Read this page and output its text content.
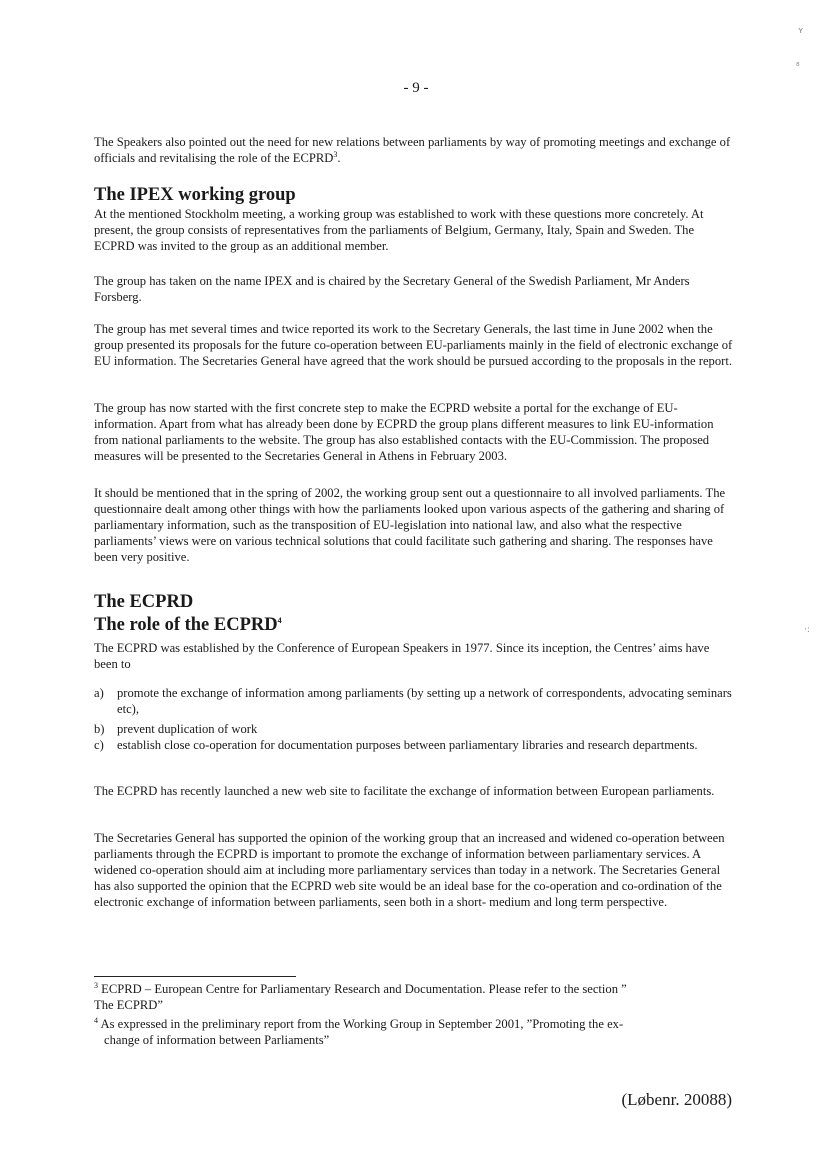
- 9 -
ʏ
⁸
·:
The Speakers also pointed out the need for new relations between parliaments by way of promoting meetings and exchange of officials and revitalising the role of the ECPRD$^3$.
The IPEX working group
At the mentioned Stockholm meeting, a working group was established to work with these questions more concretely. At present, the group consists of representatives from the parliaments of Belgium, Germany, Italy, Spain and Sweden. The ECPRD was invited to the group as an additional member.
The group has taken on the name IPEX and is chaired by the Secretary General of the Swedish Parliament, Mr Anders Forsberg.
The group has met several times and twice reported its work to the Secretary Generals, the last time in June 2002 when the group presented its proposals for the future co-operation between EU-parliaments mainly in the field of electronic exchange of EU information. The Secretaries General have agreed that the work should be pursued according to the proposals in the report.
The group has now started with the first concrete step to make the ECPRD website a portal for the exchange of EU-information. Apart from what has already been done by ECPRD the group plans different measures to link EU-information from national parliaments to the website. The group has also established contacts with the EU-Commission. The proposed measures will be presented to the Secretaries General in Athens in February 2003.
It should be mentioned that in the spring of 2002, the working group sent out a questionnaire to all involved parliaments. The questionnaire dealt among other things with how the parliaments looked upon various aspects of the gathering and sharing of parliamentary information, such as the transposition of EU-legislation into national law, and also what the respective parliaments’ views were on various technical solutions that could facilitate such gathering and sharing. The responses have been very positive.
The ECPRD
The role of the ECPRD$^4$
The ECPRD was established by the Conference of European Speakers in 1977. Since its inception, the Centres’ aims have been to
a) promote the exchange of information among parliaments (by setting up a network of correspondents, advocating seminars etc),
b) prevent duplication of work
c) establish close co-operation for documentation purposes between parliamentary libraries and research departments.
The ECPRD has recently launched a new web site to facilitate the exchange of information between European parliaments.
The Secretaries General has supported the opinion of the working group that an increased and widened co-operation between parliaments through the ECPRD is important to promote the exchange of information between parliamentary services. A widened co-operation should aim at including more parliamentary services than today in a network. The Secretaries General has also supported the opinion that the ECPRD web site would be an ideal base for the co-operation and co-ordination of the electronic exchange of information between parliaments, seen both in a short- medium and long term perspective.
$^3$ ECPRD – European Centre for Parliamentary Research and Documentation. Please refer to the section ”
The ECPRD”
$^4$ As expressed in the preliminary report from the Working Group in September 2001, ”Promoting the ex-
change of information between Parliaments”
(Løbenr. 20088)
